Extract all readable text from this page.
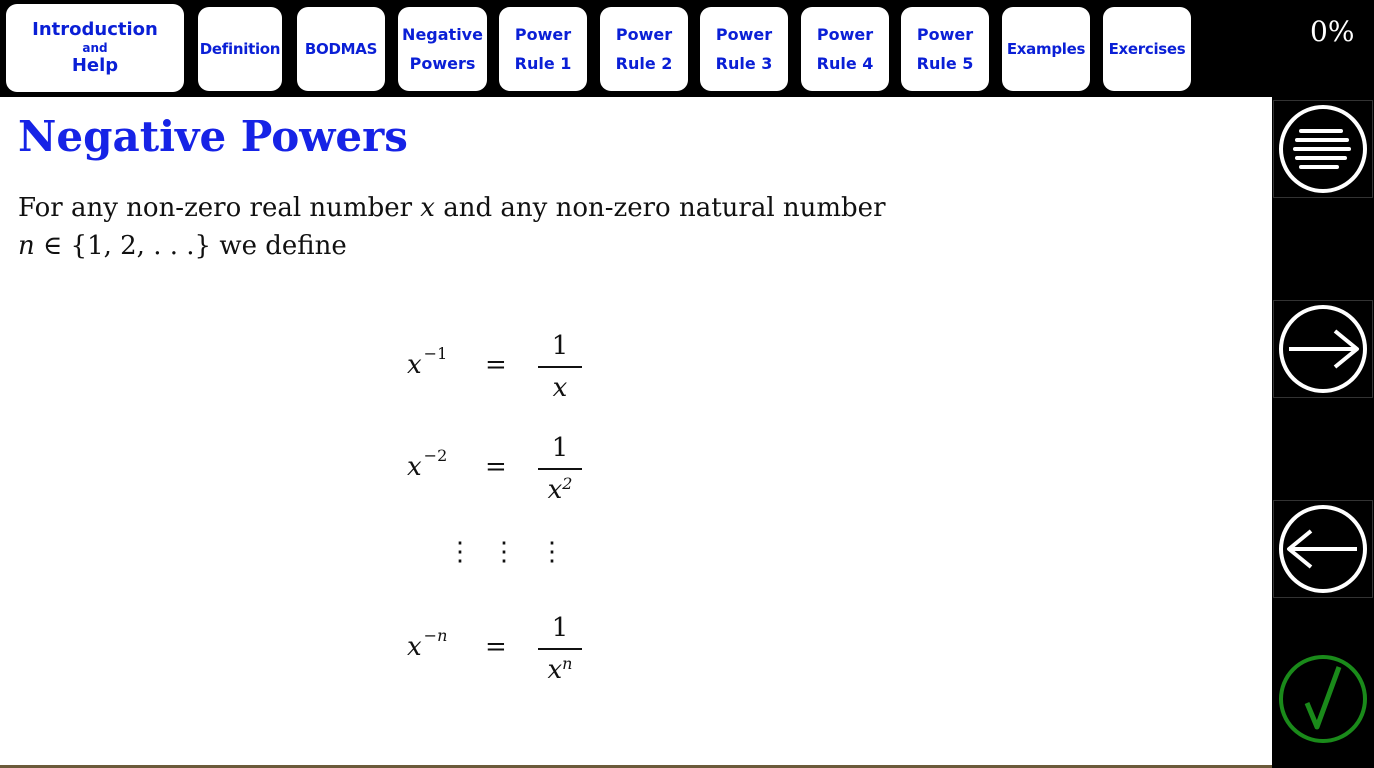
Introduction
and
Help
Definition BODMAS
Negative
Powers
Power
Rule 1
Power
Rule 2
Power
Rule 3
Power
Rule 4
Power
Rule 5
Examples Exercises
0%
Negative Powers
For any non-zero real number x and any non-zero natural number
n ∈ {1, 2, . . .} we define
x $^{-1}$ =
1
x
x $^{-2}$ =
1
$x^2$
⋮ ⋮ ⋮
x $^{-n}$ =
1
$x^n$
